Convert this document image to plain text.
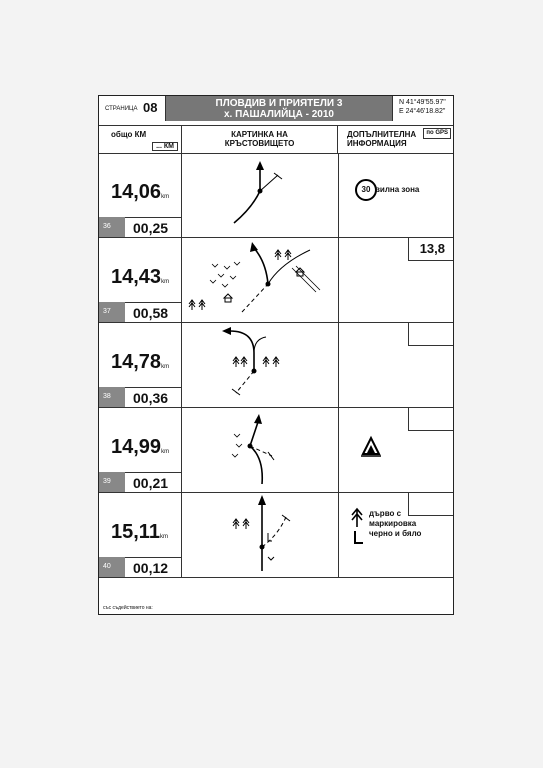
СТРАНИЦА 08	ПЛОВДИВ И ПРИЯТЕЛИ 3
х. ПАШАЛИЙЦА - 2010
N 41°49'55.97"
E 24°46'18.82"
общо КМ
... КМ
КАРТИНКА НА
КРЪСТОВИЩЕТО
ДОПЪЛНИТЕЛНА
ИНФОРМАЦИЯ
по GPS
14,06km
36	00,25
30 вилна зона
14,43km
37	00,58
13,8
14,78km
38	00,36
14,99km
39	00,21
15,11km
40	00,12
дърво с
маркировка
черно и бяло
със съдействието на:
